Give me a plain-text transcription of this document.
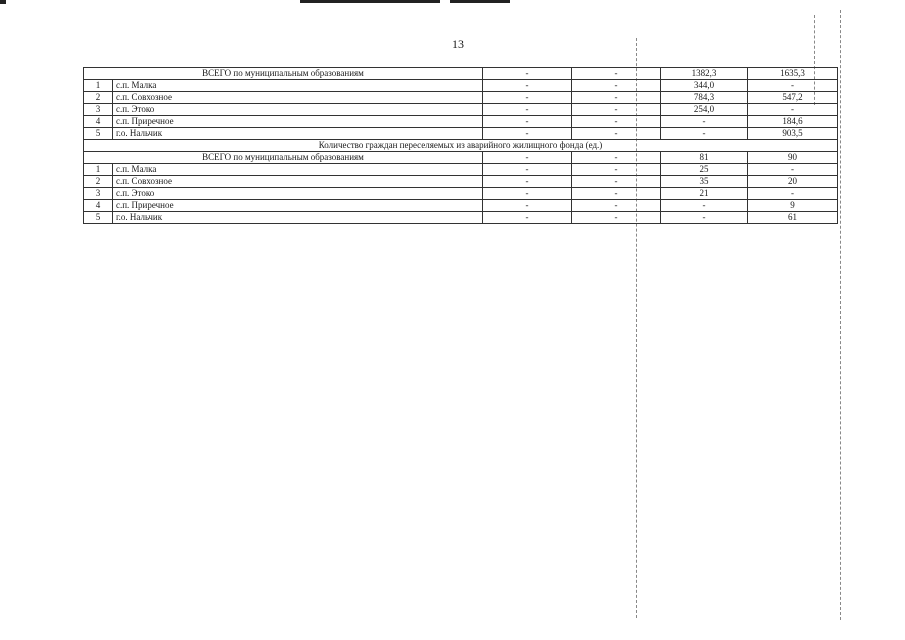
13
ВСЕГО по муниципальным образованиям		-	-	1382,3	1635,3
1	с.п. Малка	-	-	344,0	-
2	с.п. Совхозное	-	-	784,3	547,2
3	с.п. Этоко	-	-	254,0	-
4	с.п. Приречное	-	-	-	184,6
5	г.о. Нальчик	-	-	-	903,5
Количество граждан переселяемых из аварийного жилищного фонда (ед.)					
ВСЕГО по муниципальным образованиям		-	-	81	90
1	с.п. Малка	-	-	25	-
2	с.п. Совхозное	-	-	35	20
3	с.п. Этоко	-	-	21	-
4	с.п. Приречное	-	-	-	9
5	г.о. Нальчик	-	-	-	61
